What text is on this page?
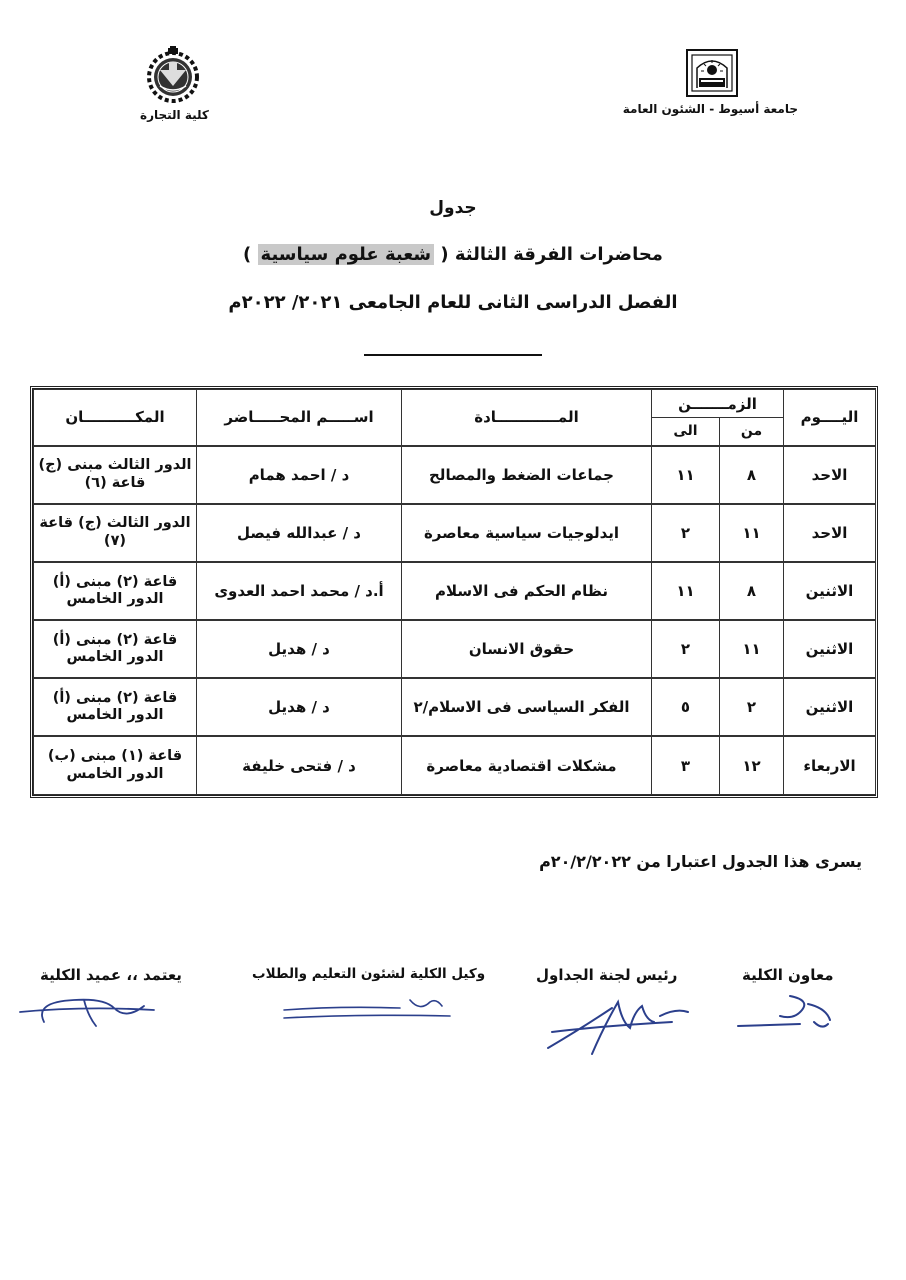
جامعة أسيوط - الشئون العامة
كلية التجارة
جدول
محاضرات الفرقة الثالثة ( شعبة علوم سياسية )
الفصل الدراسى الثانى للعام الجامعى ٢٠٢١/ ٢٠٢٢م
اليــــوم	الزمـــــــن		المــــــــــــادة	اســـــم المحـــــاضر	المكــــــــــان
	من	الى			
الاحد	٨	١١	جماعات الضغط والمصالح	د / احمد همام	الدور الثالث مبنى (ج) قاعة (٦)
الاحد	١١	٢	ايدلوجيات سياسية معاصرة	د / عبدالله فيصل	الدور الثالث (ج) قاعة (٧)
الاثنين	٨	١١	نظام الحكم فى الاسلام	أ.د / محمد احمد العدوى	قاعة (٢) مبنى (أ) الدور الخامس
الاثنين	١١	٢	حقوق الانسان	د / هديل	قاعة (٢) مبنى (أ) الدور الخامس
الاثنين	٢	٥	الفكر السياسى فى الاسلام/٢	د / هديل	قاعة (٢) مبنى (أ) الدور الخامس
الاربعاء	١٢	٣	مشكلات اقتصادية معاصرة	د / فتحى خليفة	قاعة (١) مبنى (ب) الدور الخامس
يسرى هذا الجدول اعتبارا من ٢٠/٢/٢٠٢٢م
معاون الكلية
رئيس لجنة الجداول
وكيل الكلية لشئون التعليم والطلاب
يعتمد ،، عميد الكلية
